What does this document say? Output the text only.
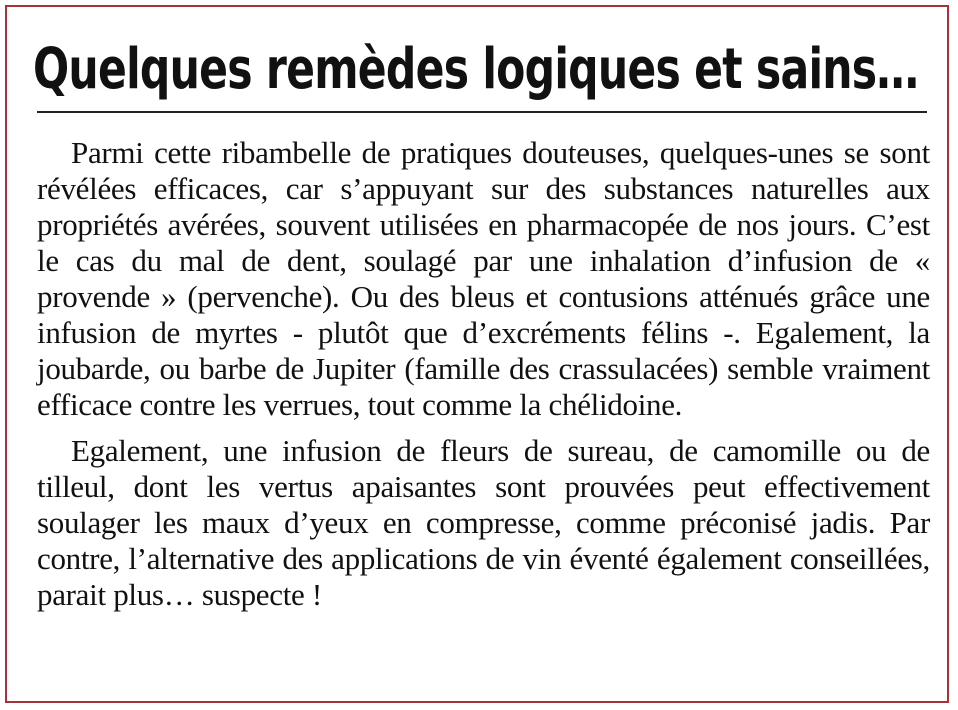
Quelques remèdes logiques et sains…

Parmi cette ribambelle de pratiques douteuses, quelques-unes se sont révélées efficaces, car s’appuyant sur des substances naturelles aux propriétés avérées, souvent utilisées en pharmacopée de nos jours. C’est le cas du mal de dent, soulagé par une inhalation d’infusion de « provende » (pervenche). Ou des bleus et contusions atténués grâce une infusion de myrtes - plutôt que d’excréments félins -. Egalement, la joubarde, ou barbe de Jupiter (famille des crassulacées) semble vraiment efficace contre les verrues, tout comme la chélidoine.

Egalement, une infusion de fleurs de sureau, de camomille ou de tilleul, dont les vertus apaisantes sont prouvées peut effectivement soulager les maux d’yeux en compresse, comme préconisé jadis. Par contre, l’alternative des applications de vin éventé également conseillées, parait plus… suspecte !
